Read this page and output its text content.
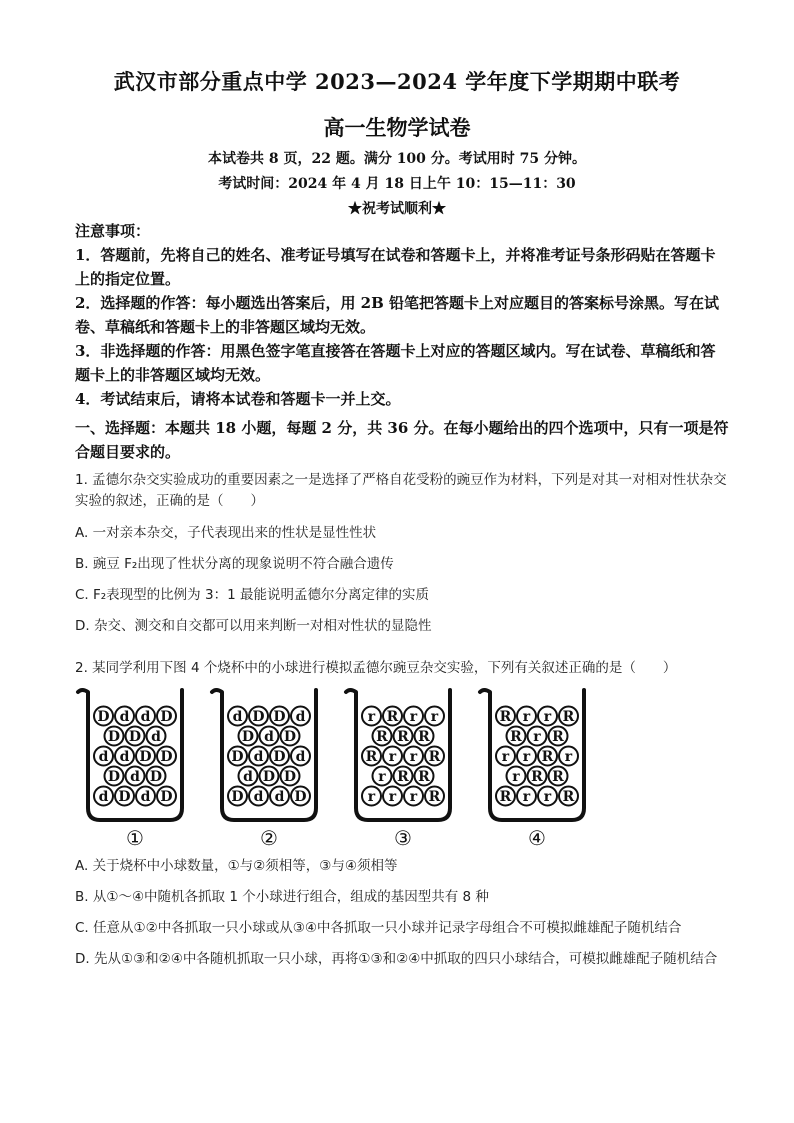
武汉市部分重点中学 2023—2024 学年度下学期期中联考
高一生物学试卷
本试卷共 8 页，22 题。满分 100 分。考试用时 75 分钟。
考试时间：2024 年 4 月 18 日上午 10：15—11：30
★祝考试顺利★
注意事项：
1．答题前，先将自己的姓名、准考证号填写在试卷和答题卡上，并将准考证号条形码贴在答题卡上的指定位置。
2．选择题的作答：每小题选出答案后，用 2B 铅笔把答题卡上对应题目的答案标号涂黑。写在试卷、草稿纸和答题卡上的非答题区域均无效。
3．非选择题的作答：用黑色签字笔直接答在答题卡上对应的答题区域内。写在试卷、草稿纸和答题卡上的非答题区域均无效。
4．考试结束后，请将本试卷和答题卡一并上交。
一、选择题：本题共 18 小题，每题 2 分，共 36 分。在每小题给出的四个选项中，只有一项是符合题目要求的。
1. 孟德尔杂交实验成功的重要因素之一是选择了严格自花受粉的豌豆作为材料，下列是对其一对相对性状杂交实验的叙述，正确的是（　　）
A. 一对亲本杂交，子代表现出来的性状是显性性状
B. 豌豆 F₂出现了性状分离的现象说明不符合融合遗传
C. F₂表现型的比例为 3：1 最能说明孟德尔分离定律的实质
D. 杂交、测交和自交都可以用来判断一对相对性状的显隐性
2. 某同学利用下图 4 个烧杯中的小球进行模拟孟德尔豌豆杂交实验，下列有关叙述正确的是（　　）
D d d D
D D d
d d D D
D d D
d D d D
①
d D D d
D d D
D d D d
d D D
D d d D
②
r R r r
R R R
R r r R
r R R
r r r R
③
R r r R
R r R
r r R r
r R R
R r r R
④
A. 关于烧杯中小球数量，①与②须相等，③与④须相等
B. 从①～④中随机各抓取 1 个小球进行组合，组成的基因型共有 8 种
C. 任意从①②中各抓取一只小球或从③④中各抓取一只小球并记录字母组合不可模拟雌雄配子随机结合
D. 先从①③和②④中各随机抓取一只小球，再将①③和②④中抓取的四只小球结合，可模拟雌雄配子随机结合
